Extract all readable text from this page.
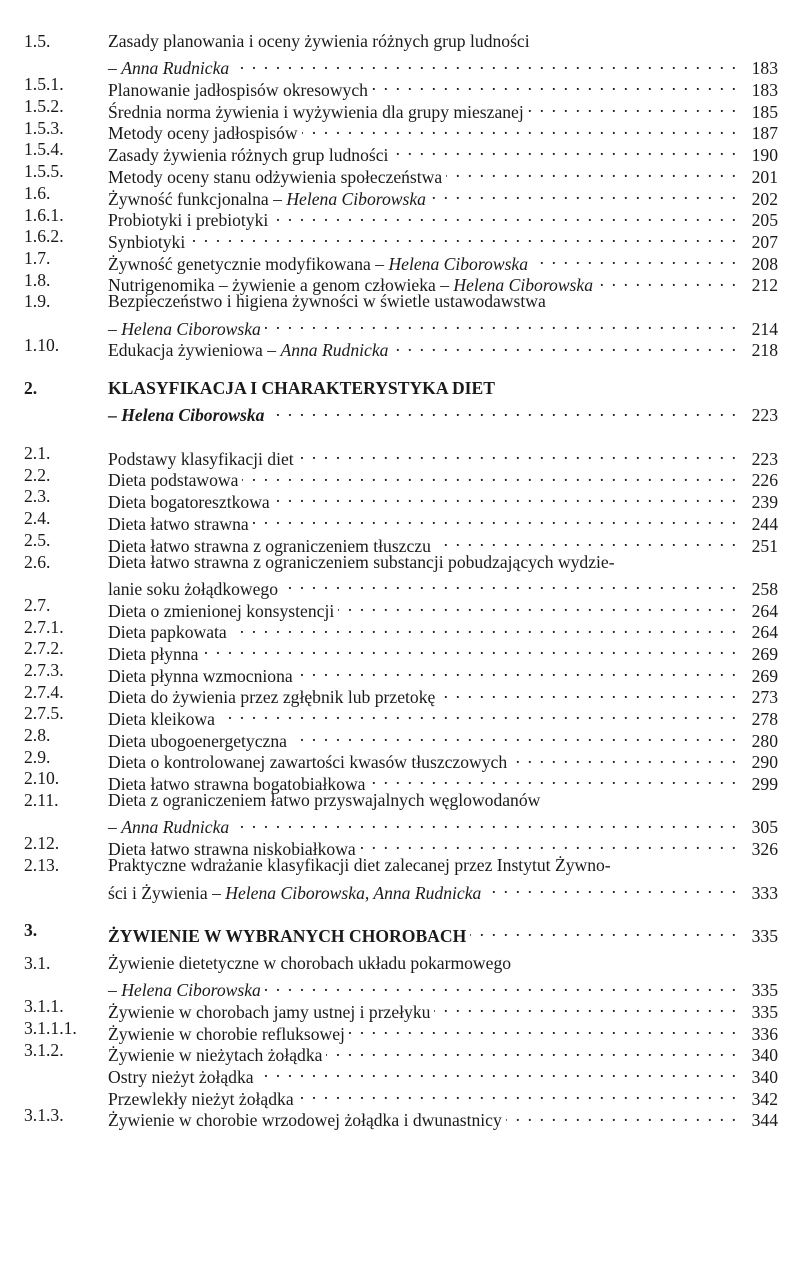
1.5.	Zasady planowania i oceny żywienia różnych grup ludności
– Anna Rudnicka . . .	183
1.5.1.	Planowanie jadłospisów okresowych . . .	183
1.5.2.	Średnia norma żywienia i wyżywienia dla grupy mieszanej . . .	185
1.5.3.	Metody oceny jadłospisów . . .	187
1.5.4.	Zasady żywienia różnych grup ludności . . .	190
1.5.5.	Metody oceny stanu odżywienia społeczeństwa . . .	201
1.6.	Żywność funkcjonalna – Helena Ciborowska . . .	202
1.6.1.	Probiotyki i prebiotyki . . .	205
1.6.2.	Synbiotyki . . .	207
1.7.	Żywność genetycznie modyfikowana – Helena Ciborowska . . .	208
1.8.	Nutrigenomika – żywienie a genom człowieka – Helena Ciborowska . . .	212
1.9.	Bezpieczeństwo i higiena żywności w świetle ustawodawstwa
– Helena Ciborowska . . .	214
1.10.	Edukacja żywieniowa – Anna Rudnicka . . .	218
2.	KLASYFIKACJA I CHARAKTERYSTYKA DIET
– Helena Ciborowska . . .	223
2.1.	Podstawy klasyfikacji diet . . .	223
2.2.	Dieta podstawowa . . .	226
2.3.	Dieta bogatoresztkowa . . .	239
2.4.	Dieta łatwo strawna . . .	244
2.5.	Dieta łatwo strawna z ograniczeniem tłuszczu . . .	251
2.6.	Dieta łatwo strawna z ograniczeniem substancji pobudzających wydzie-
lanie soku żołądkowego . . .	258
2.7.	Dieta o zmienionej konsystencji . . .	264
2.7.1.	Dieta papkowata . . .	264
2.7.2.	Dieta płynna . . .	269
2.7.3.	Dieta płynna wzmocniona . . .	269
2.7.4.	Dieta do żywienia przez zgłębnik lub przetokę . . .	273
2.7.5.	Dieta kleikowa . . .	278
2.8.	Dieta ubogoenergetyczna . . .	280
2.9.	Dieta o kontrolowanej zawartości kwasów tłuszczowych . . .	290
2.10.	Dieta łatwo strawna bogatobiałkowa . . .	299
2.11.	Dieta z ograniczeniem łatwo przyswajalnych węglowodanów
– Anna Rudnicka . . .	305
2.12.	Dieta łatwo strawna niskobiałkowa . . .	326
2.13.	Praktyczne wdrażanie klasyfikacji diet zalecanej przez Instytut Żywno-
ści i Żywienia – Helena Ciborowska, Anna Rudnicka . . .	333
3.	ŻYWIENIE W WYBRANYCH CHOROBACH . . .	335
3.1.	Żywienie dietetyczne w chorobach układu pokarmowego
– Helena Ciborowska . . .	335
3.1.1.	Żywienie w chorobach jamy ustnej i przełyku . . .	335
3.1.1.1. Żywienie w chorobie refluksowej . . .	336
3.1.2.	Żywienie w nieżytach żołądka . . .	340
Ostry nieżyt żołądka . . .	340
Przewlekły nieżyt żołądka . . .	342
3.1.3.	Żywienie w chorobie wrzodowej żołądka i dwunastnicy . . .	344
